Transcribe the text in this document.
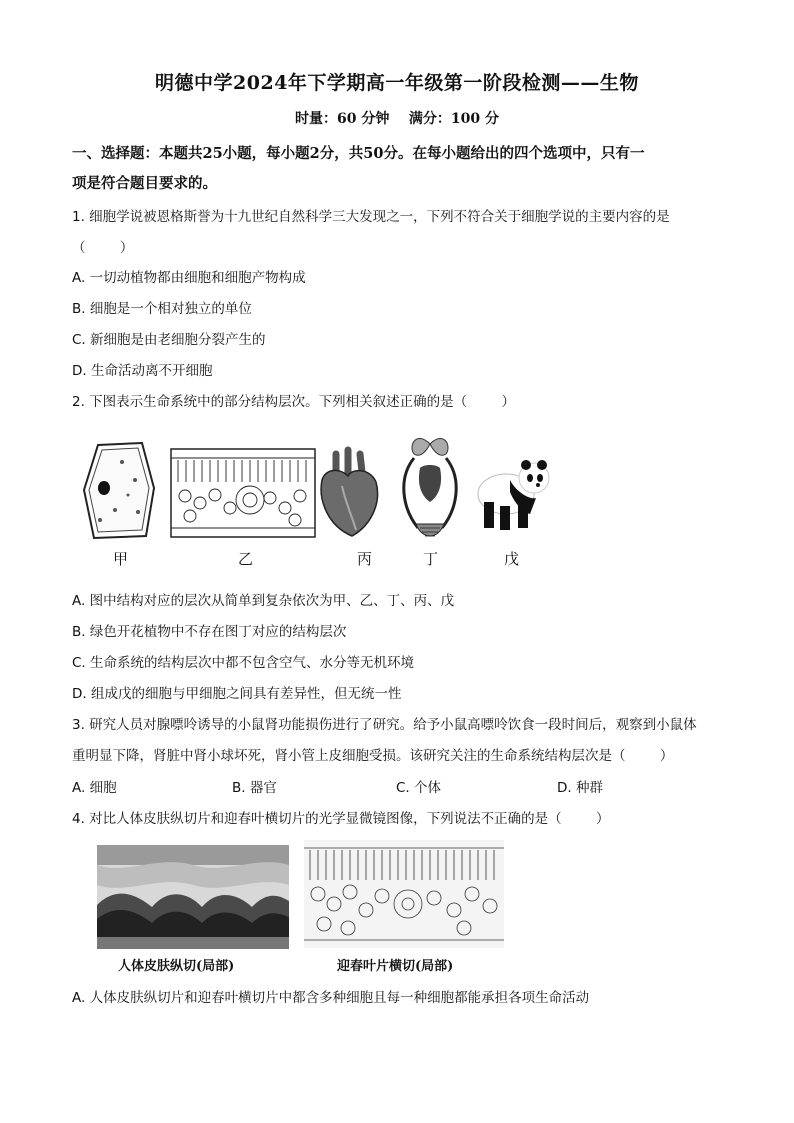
明德中学2024年下学期高一年级第一阶段检测——生物
时量：60 分钟    满分：100 分
一、选择题：本题共25小题，每小题2分，共50分。在每小题给出的四个选项中，只有一
项是符合题目要求的。
1. 细胞学说被恩格斯誉为十九世纪自然科学三大发现之一，下列不符合关于细胞学说的主要内容的是
（        ）
A. 一切动植物都由细胞和细胞产物构成
B. 细胞是一个相对独立的单位
C. 新细胞是由老细胞分裂产生的
D. 生命活动离不开细胞
2. 下图表示生命系统中的部分结构层次。下列相关叙述正确的是（        ）
甲	乙	丙	丁	戊
A. 图中结构对应的层次从简单到复杂依次为甲、乙、丁、丙、戊
B. 绿色开花植物中不存在图丁对应的结构层次
C. 生命系统的结构层次中都不包含空气、水分等无机环境
D. 组成戊的细胞与甲细胞之间具有差异性，但无统一性
3. 研究人员对腺嘌呤诱导的小鼠肾功能损伤进行了研究。给予小鼠高嘌呤饮食一段时间后，观察到小鼠体
重明显下降，肾脏中肾小球坏死，肾小管上皮细胞受损。该研究关注的生命系统结构层次是（        ）
A. 细胞	B. 器官	C. 个体	D. 种群
4. 对比人体皮肤纵切片和迎春叶横切片的光学显微镜图像，下列说法不正确的是（        ）
人体皮肤纵切(局部)	迎春叶片横切(局部)
A. 人体皮肤纵切片和迎春叶横切片中都含多种细胞且每一种细胞都能承担各项生命活动
